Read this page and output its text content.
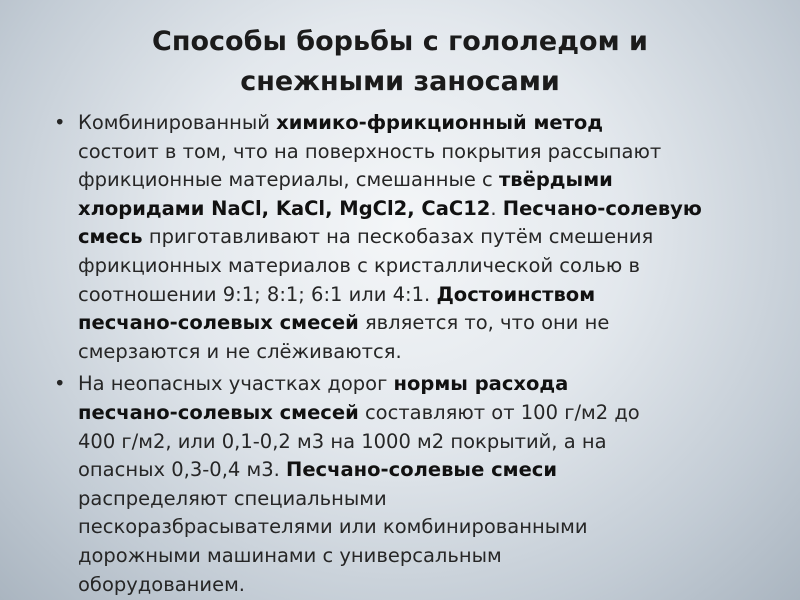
Способы борьбы с гололедом и
снежными заносами
• Комбинированный химико-фрикционный метод
состоит в том, что на поверхность покрытия рассыпают
фрикционные материалы, смешанные с твёрдыми
хлоридами NaCl, KaCl, MgCl2, СаС12. Песчано-солевую
смесь приготавливают на пескобазах путём смешения
фрикционных материалов с кристаллической солью в
соотношении 9:1; 8:1; 6:1 или 4:1. Достоинством
песчано-солевых смесей является то, что они не
смерзаются и не слёживаются.
• На неопасных участках дорог нормы расхода
песчано-солевых смесей составляют от 100 г/м2 до
400 г/м2, или 0,1-0,2 м3 на 1000 м2 покрытий, а на
опасных 0,3-0,4 м3. Песчано-солевые смеси
распределяют специальными
пескоразбрасывателями или комбинированными
дорожными машинами с универсальным
оборудованием.
